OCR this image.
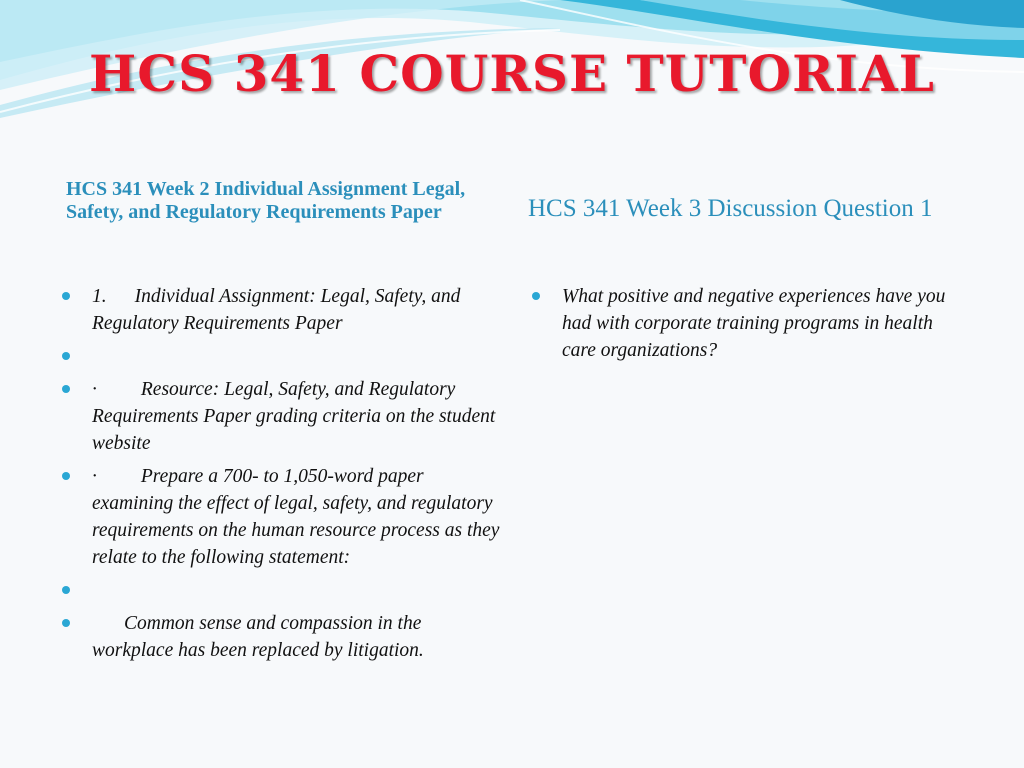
HCS 341 COURSE TUTORIAL
HCS 341 Week 2 Individual Assignment Legal, Safety, and Regulatory Requirements Paper	HCS 341 Week 3 Discussion Question 1
1. Individual Assignment: Legal, Safety, and Regulatory Requirements Paper
· Resource: Legal, Safety, and Regulatory Requirements Paper grading criteria on the student website
· Prepare a 700- to 1,050-word paper examining the effect of legal, safety, and regulatory requirements on the human resource process as they relate to the following statement:
Common sense and compassion in the workplace has been replaced by litigation.
What positive and negative experiences have you had with corporate training programs in health care organizations?
